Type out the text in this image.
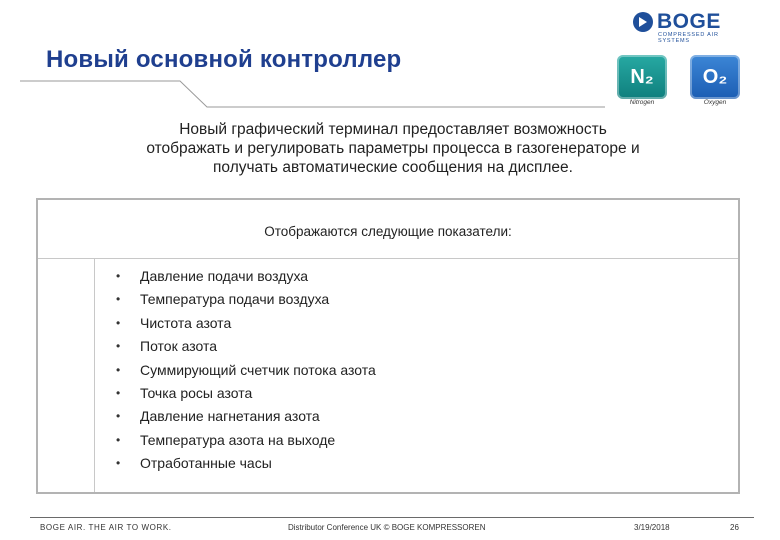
Новый основной контроллер
BOGE
COMPRESSED AIR SYSTEMS
N₂
Nitrogen
O₂
Oxygen
Новый графический терминал предоставляет возможность
отображать и регулировать параметры процесса в газогенераторе и
получать автоматические сообщения на дисплее.
Отображаются следующие показатели:
• Давление подачи воздуха
• Температура подачи воздуха
• Чистота азота
• Поток азота
• Суммирующий счетчик потока азота
• Точка росы азота
• Давление нагнетания азота
• Температура азота на выходе
• Отработанные часы
BOGE AIR. THE AIR TO WORK.	Distributor Conference UK © BOGE KOMPRESSOREN	3/19/2018	26
